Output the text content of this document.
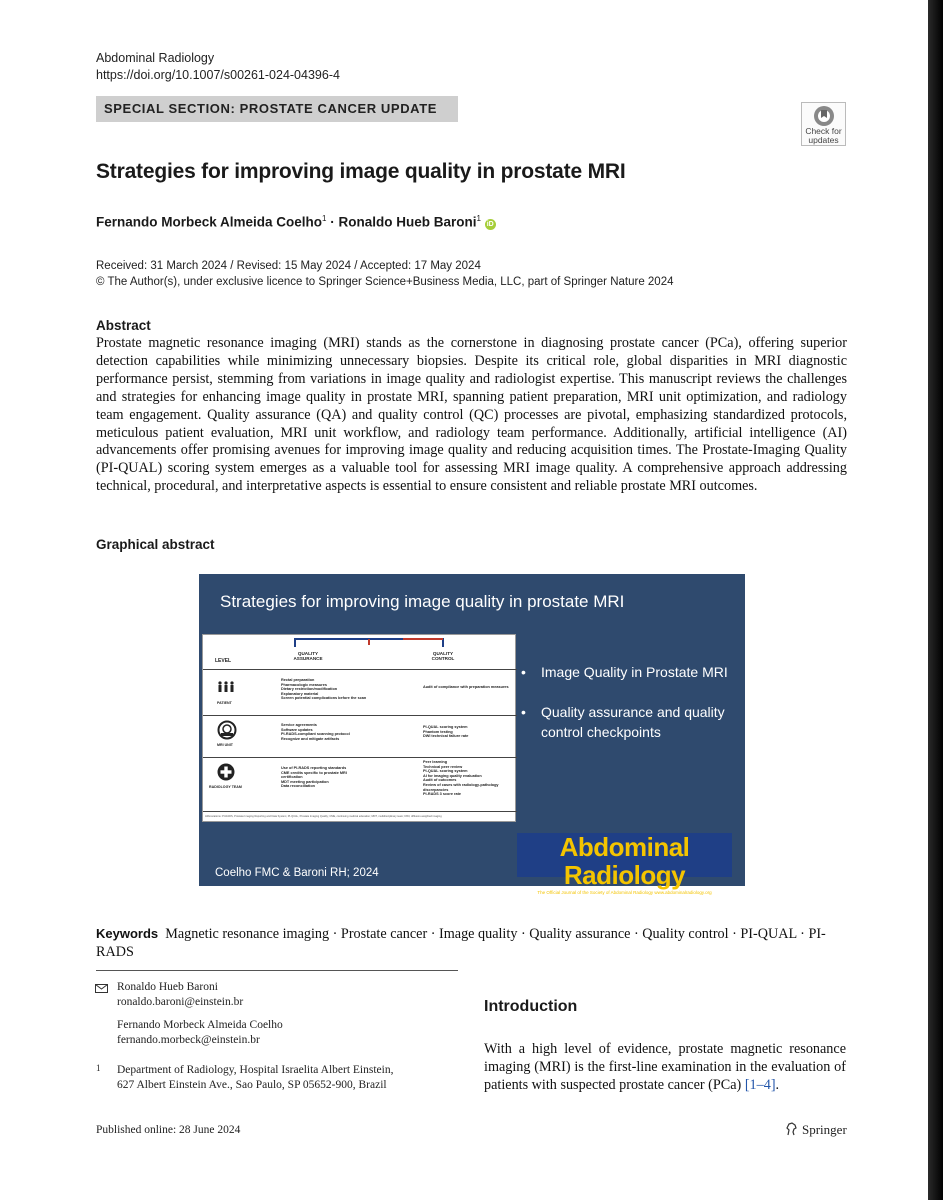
Abdominal Radiology
https://doi.org/10.1007/s00261-024-04396-4
SPECIAL SECTION: PROSTATE CANCER UPDATE
Check for
updates
Strategies for improving image quality in prostate MRI
Fernando Morbeck Almeida Coelho$^1$ · Ronaldo Hueb Baroni$^1$ iD
Received: 31 March 2024 / Revised: 15 May 2024 / Accepted: 17 May 2024
© The Author(s), under exclusive licence to Springer Science+Business Media, LLC, part of Springer Nature 2024
Abstract

Prostate magnetic resonance imaging (MRI) stands as the cornerstone in diagnosing prostate cancer (PCa), offering superior detection capabilities while minimizing unnecessary biopsies. Despite its critical role, global disparities in MRI diagnostic performance persist, stemming from variations in image quality and radiologist expertise. This manuscript reviews the challenges and strategies for enhancing image quality in prostate MRI, spanning patient preparation, MRI unit optimization, and radiology team engagement. Quality assurance (QA) and quality control (QC) processes are pivotal, emphasizing standardized protocols, meticulous patient evaluation, MRI unit workflow, and radiology team performance. Additionally, artificial intelligence (AI) advancements offer promising avenues for improving image quality and reducing acquisition times. The Prostate-Imaging Quality (PI-QUAL) scoring system emerges as a valuable tool for assessing MRI image quality. A comprehensive approach addressing technical, procedural, and interpretative aspects is essential to ensure consistent and reliable prostate MRI outcomes.

Graphical abstract
Strategies for improving image quality in prostate MRI
LEVEL
QUALITY ASSURANCE
QUALITY CONTROL
PATIENT
Rectal preparation
Pharmacologic measures
Dietary restriction/modification
Explanatory material
Screen potential complications before the scan
Audit of compliance with preparation measures
MRI UNIT
Service agreements
Software updates
PI-RADS-compliant scanning protocol
Recognize and mitigate artifacts
PI-QUAL scoring system
Phantom testing
DWI technical failure rate
RADIOLOGY TEAM
Use of PI-RADS reporting standards
CME credits specific to prostate MRI
certification
MDT meeting participation
Data reconciliation
Peer learning
Technical peer review
PI-QUAL scoring system
AI for imaging quality evaluation
Audit of outcomes
Review of cases with radiology-pathology discrepancies
PI-RADS 3 score rate
Abbreviations: PI-RADS, Prostate Imaging Reporting and Data System; PI-QUAL, Prostate Imaging Quality; CME, continuing medical education; MDT, multidisciplinary team; DWI, diffusion-weighted imaging
• Image Quality in Prostate MRI
• Quality assurance and quality control checkpoints
Abdominal Radiology
The Official Journal of the Society of Abdominal Radiology www.abdominalradiology.org
Coelho FMC & Baroni RH; 2024

Keywords Magnetic resonance imaging · Prostate cancer · Image quality · Quality assurance · Quality control · PI-QUAL · PI-RADS

Ronaldo Hueb Baroni
ronaldo.baroni@einstein.br
Fernando Morbeck Almeida Coelho
fernando.morbeck@einstein.br
1 Department of Radiology, Hospital Israelita Albert Einstein,
627 Albert Einstein Ave., Sao Paulo, SP 05652-900, Brazil
Introduction

With a high level of evidence, prostate magnetic resonance imaging (MRI) is the first-line examination in the evaluation of patients with suspected prostate cancer (PCa) [1–4].

Published online: 28 June 2024	Springer
